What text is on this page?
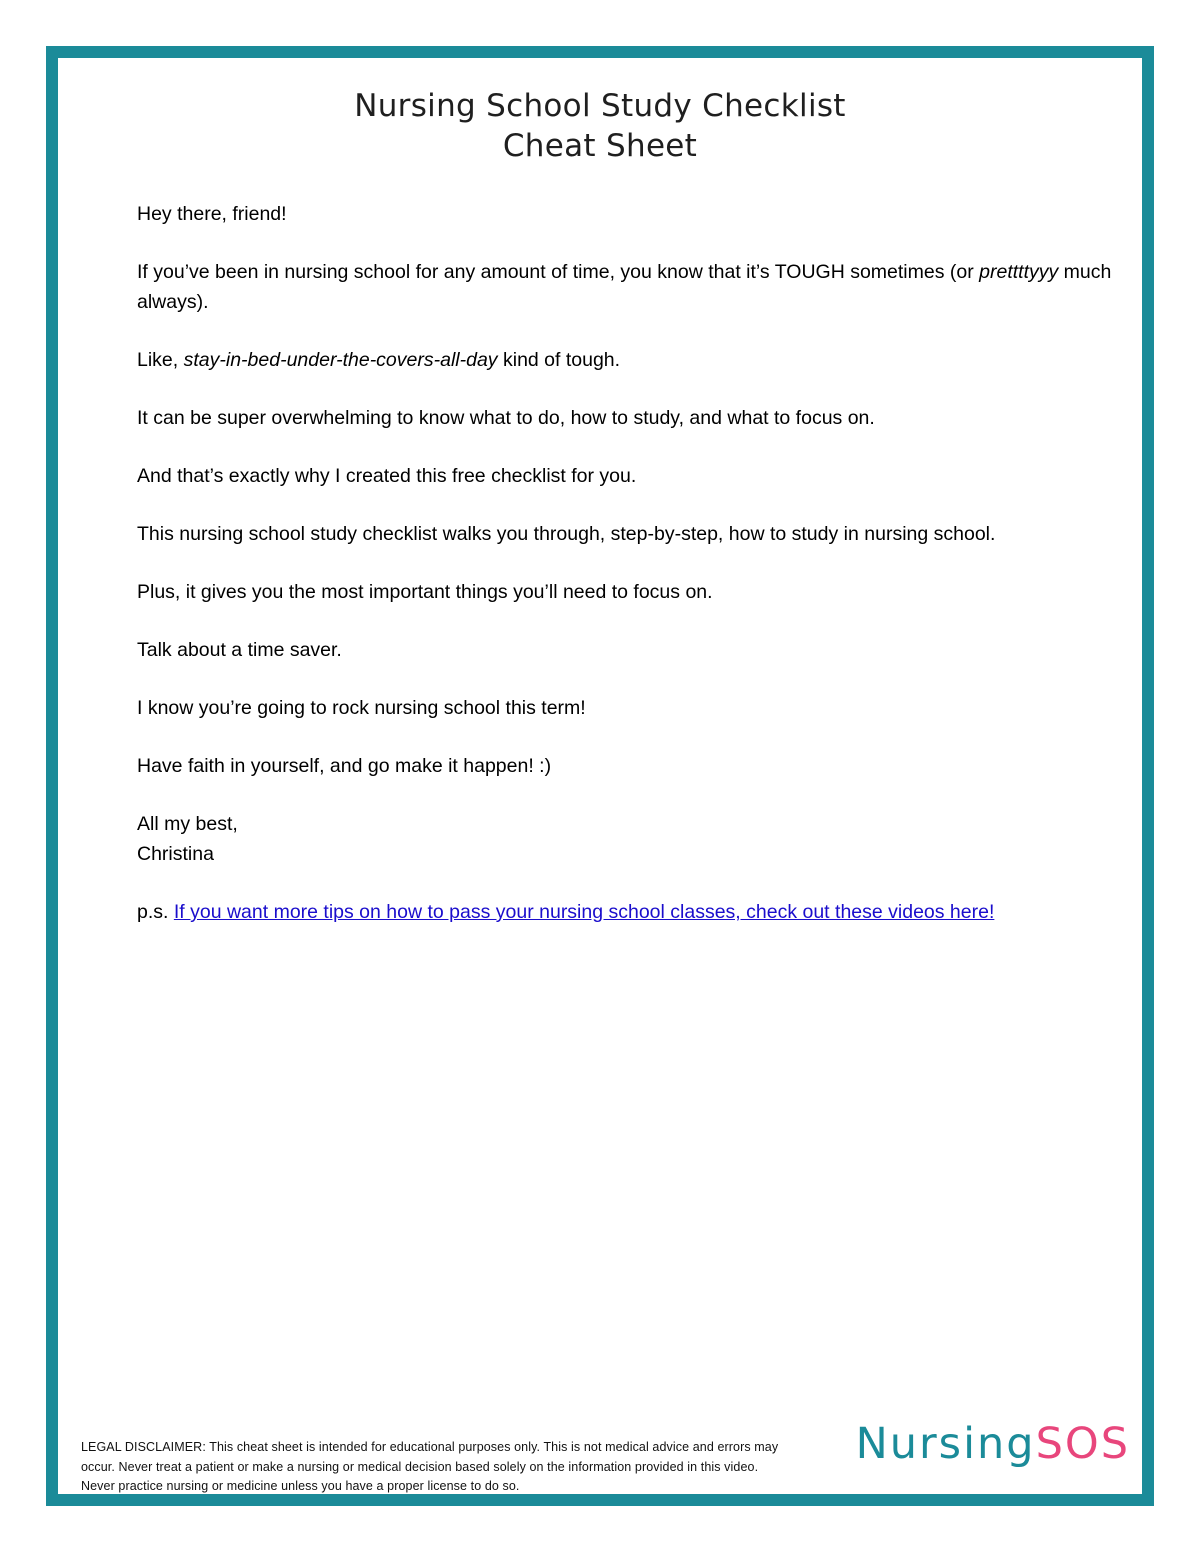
Nursing School Study Checklist
Cheat Sheet

Hey there, friend!

If you’ve been in nursing school for any amount of time, you know that it’s TOUGH sometimes (or prettttyyy much always).

Like, stay-in-bed-under-the-covers-all-day kind of tough.

It can be super overwhelming to know what to do, how to study, and what to focus on.

And that’s exactly why I created this free checklist for you.

This nursing school study checklist walks you through, step-by-step, how to study in nursing school.

Plus, it gives you the most important things you’ll need to focus on.

Talk about a time saver.

I know you’re going to rock nursing school this term!

Have faith in yourself, and go make it happen! :)

All my best,
Christina

p.s. If you want more tips on how to pass your nursing school classes, check out these videos here!

LEGAL DISCLAIMER: This cheat sheet is intended for educational purposes only. This is not medical advice and errors may occur. Never treat a patient or make a nursing or medical decision based solely on the information provided in this video. Never practice nursing or medicine unless you have a proper license to do so.
NursingSOS
